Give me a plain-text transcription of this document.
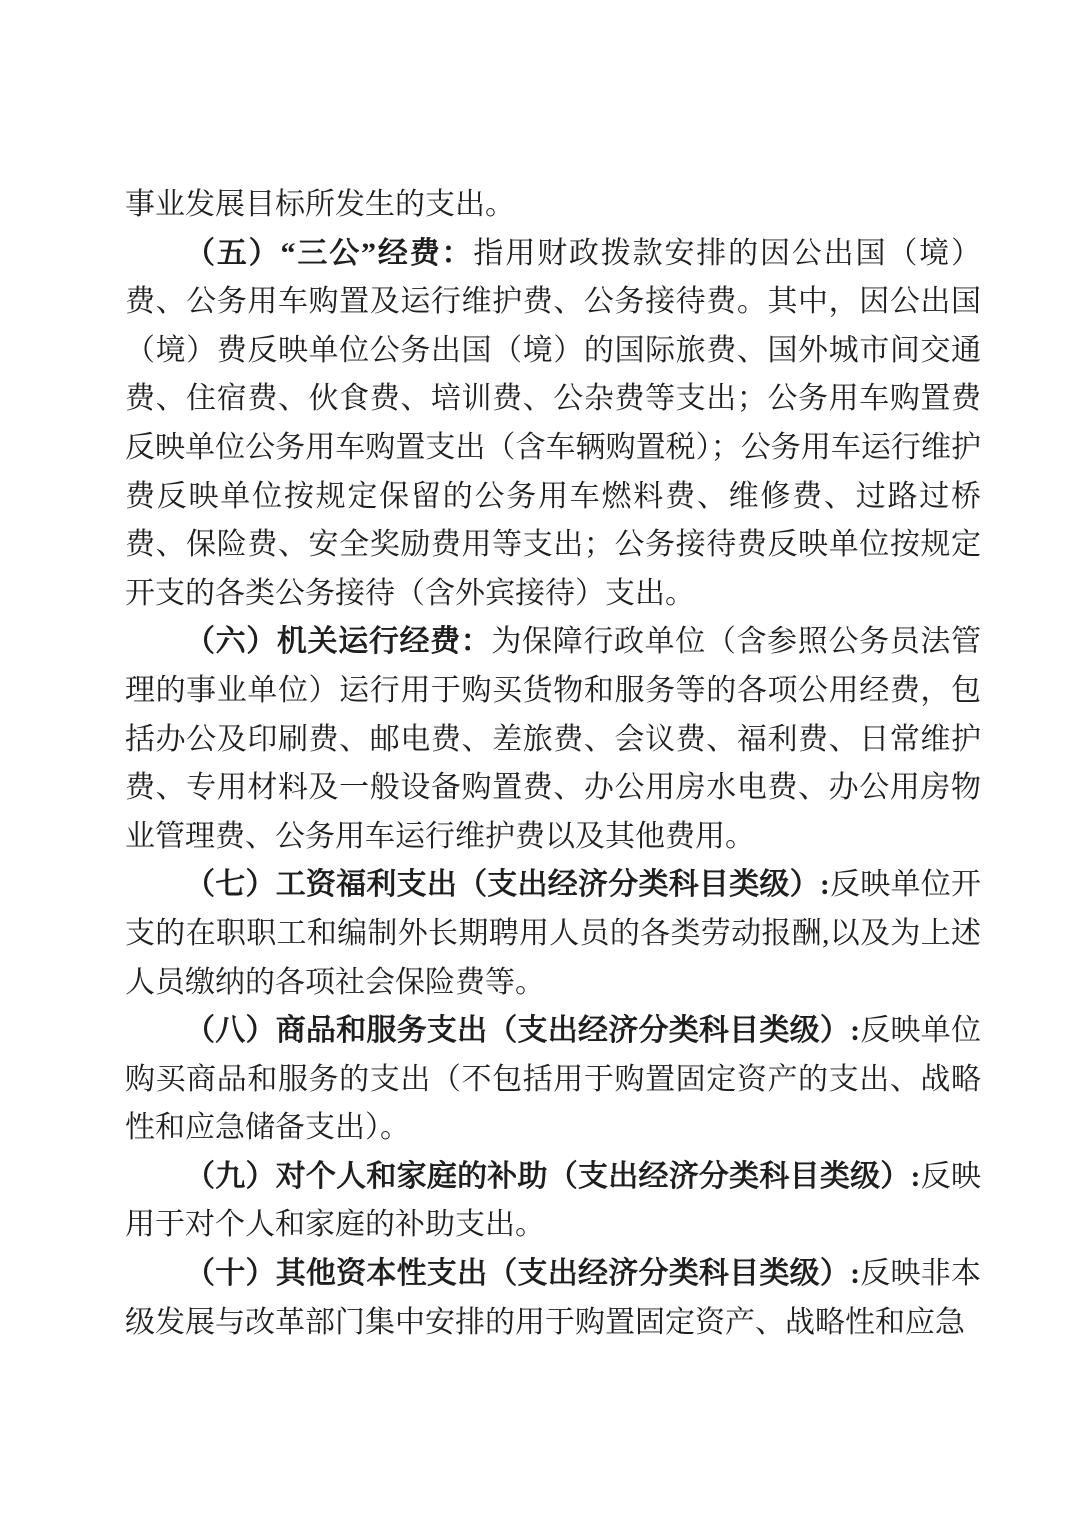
事业发展目标所发生的支出。

（五）“三公”经费：指用财政拨款安排的因公出国（境）费、公务用车购置及运行维护费、公务接待费。其中，因公出国（境）费反映单位公务出国（境）的国际旅费、国外城市间交通费、住宿费、伙食费、培训费、公杂费等支出；公务用车购置费反映单位公务用车购置支出（含车辆购置税）；公务用车运行维护费反映单位按规定保留的公务用车燃料费、维修费、过路过桥费、保险费、安全奖励费用等支出；公务接待费反映单位按规定开支的各类公务接待（含外宾接待）支出。

（六）机关运行经费：为保障行政单位（含参照公务员法管理的事业单位）运行用于购买货物和服务等的各项公用经费，包括办公及印刷费、邮电费、差旅费、会议费、福利费、日常维护费、专用材料及一般设备购置费、办公用房水电费、办公用房物业管理费、公务用车运行维护费以及其他费用。

（七）工资福利支出（支出经济分类科目类级）:反映单位开支的在职职工和编制外长期聘用人员的各类劳动报酬,以及为上述人员缴纳的各项社会保险费等。

（八）商品和服务支出（支出经济分类科目类级）:反映单位购买商品和服务的支出（不包括用于购置固定资产的支出、战略性和应急储备支出）。

（九）对个人和家庭的补助（支出经济分类科目类级）:反映用于对个人和家庭的补助支出。

（十）其他资本性支出（支出经济分类科目类级）:反映非本级发展与改革部门集中安排的用于购置固定资产、战略性和应急
